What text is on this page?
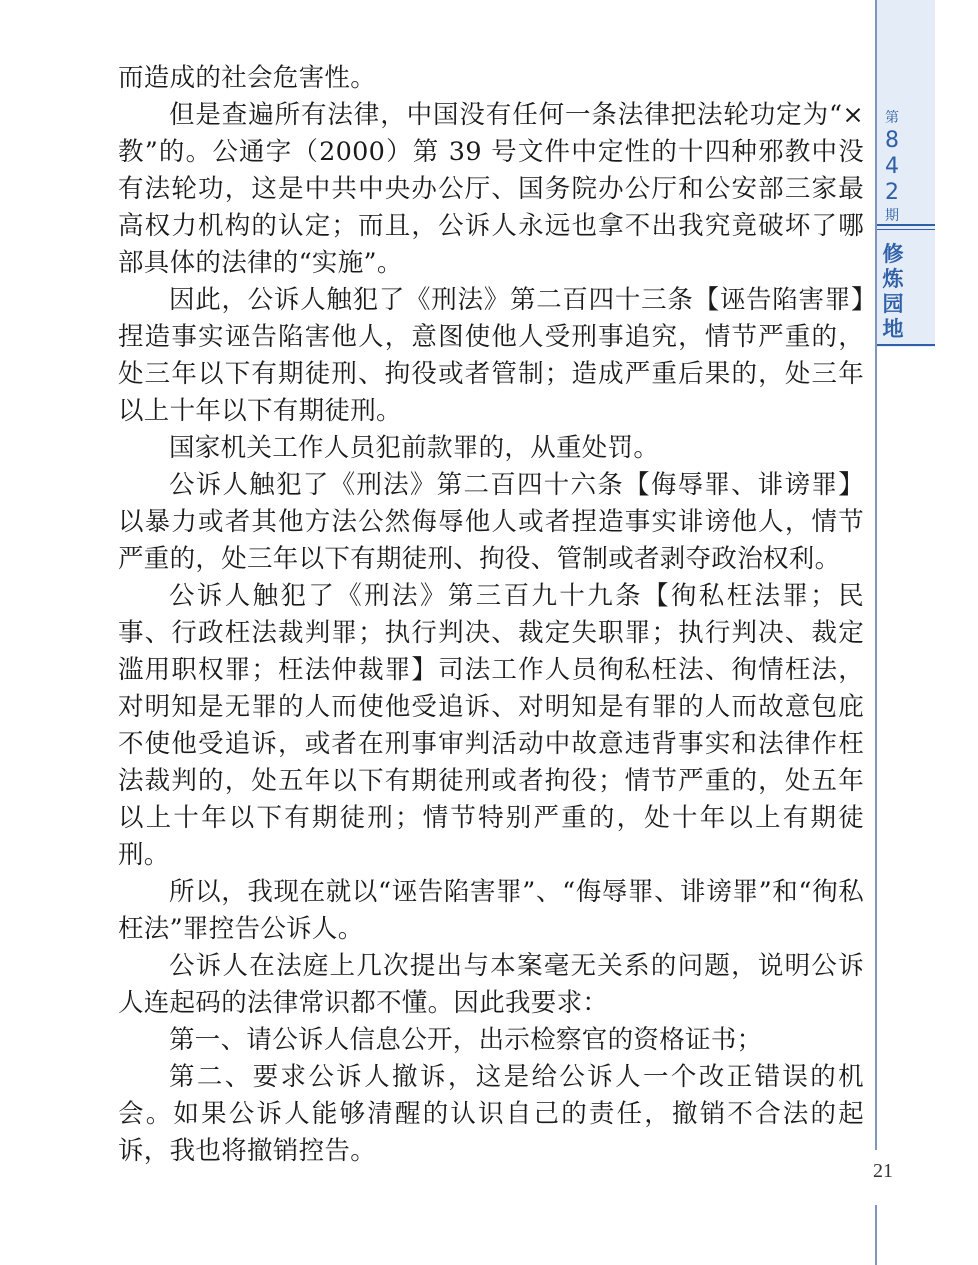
第
8
4
2
期
修
炼
园
地

而造成的社会危害性。

但是查遍所有法律，中国没有任何一条法律把法轮功定为“× 教”的。公通字（2000）第 39 号文件中定性的十四种邪教中没有法轮功，这是中共中央办公厅、国务院办公厅和公安部三家最高权力机构的认定；而且，公诉人永远也拿不出我究竟破坏了哪部具体的法律的“实施”。

因此，公诉人触犯了《刑法》第二百四十三条【诬告陷害罪】捏造事实诬告陷害他人，意图使他人受刑事追究，情节严重的，处三年以下有期徒刑、拘役或者管制；造成严重后果的，处三年以上十年以下有期徒刑。

国家机关工作人员犯前款罪的，从重处罚。

公诉人触犯了《刑法》第二百四十六条【侮辱罪、诽谤罪】以暴力或者其他方法公然侮辱他人或者捏造事实诽谤他人，情节严重的，处三年以下有期徒刑、拘役、管制或者剥夺政治权利。

公诉人触犯了《刑法》第三百九十九条【徇私枉法罪；民事、行政枉法裁判罪；执行判决、裁定失职罪；执行判决、裁定滥用职权罪；枉法仲裁罪】司法工作人员徇私枉法、徇情枉法，对明知是无罪的人而使他受追诉、对明知是有罪的人而故意包庇不使他受追诉，或者在刑事审判活动中故意违背事实和法律作枉法裁判的，处五年以下有期徒刑或者拘役；情节严重的，处五年以上十年以下有期徒刑；情节特别严重的，处十年以上有期徒刑。

所以，我现在就以“诬告陷害罪”、“侮辱罪、诽谤罪”和“徇私枉法”罪控告公诉人。

公诉人在法庭上几次提出与本案毫无关系的问题，说明公诉人连起码的法律常识都不懂。因此我要求：

第一、请公诉人信息公开，出示检察官的资格证书；

第二、要求公诉人撤诉，这是给公诉人一个改正错误的机会。如果公诉人能够清醒的认识自己的责任，撤销不合法的起诉，我也将撤销控告。

21
